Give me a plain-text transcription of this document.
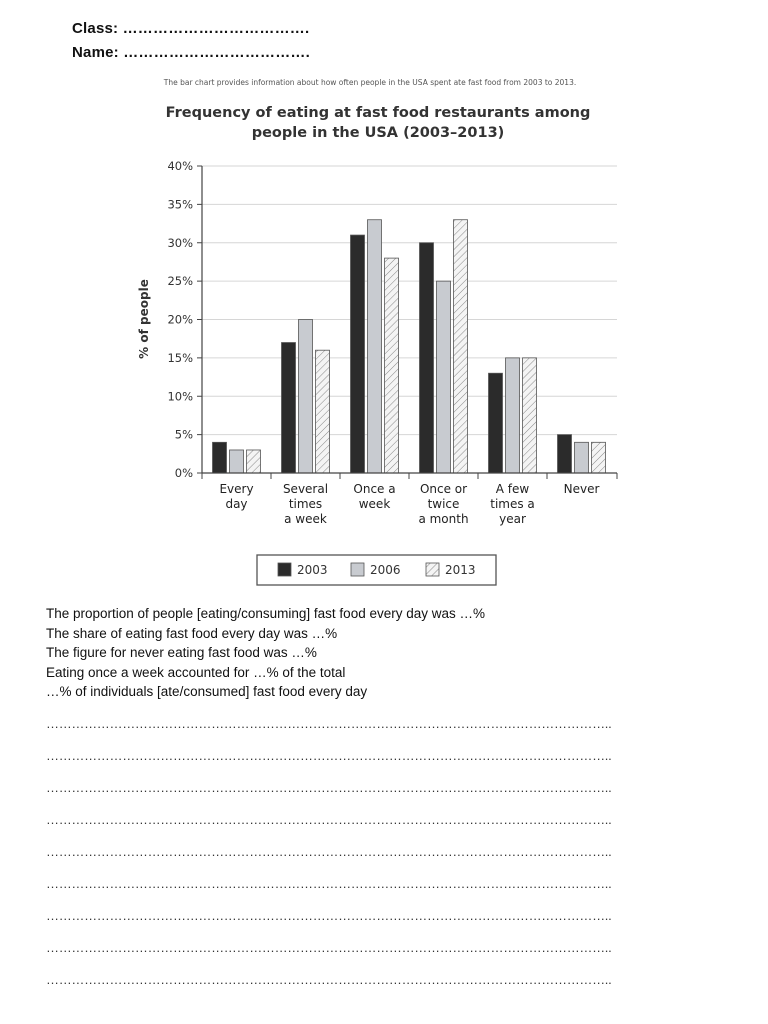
Class: ……………………………….
Name: ……………………………….
The bar chart provides information about how often people in the USA spent ate fast food from 2003 to 2013.
Frequency of eating at fast food restaurants among
people in the USA (2003–2013)
% of people
0%
5%
10%
15%
20%
25%
30%
35%
40%
Every
day
Several
times
a week
Once a
week
Once or
twice
a month
A few
times a
year
Never
2003	2006	2013
The proportion of people [eating/consuming] fast food every day was …%
The share of eating fast food every day was …%
The figure for never eating fast food was …%
Eating once a week accounted for …% of the total
…% of individuals [ate/consumed] fast food every day
……………………………………………………………………………………………………………………..
……………………………………………………………………………………………………………………..
……………………………………………………………………………………………………………………..
……………………………………………………………………………………………………………………..
……………………………………………………………………………………………………………………..
……………………………………………………………………………………………………………………..
……………………………………………………………………………………………………………………..
……………………………………………………………………………………………………………………..
……………………………………………………………………………………………………………………..
